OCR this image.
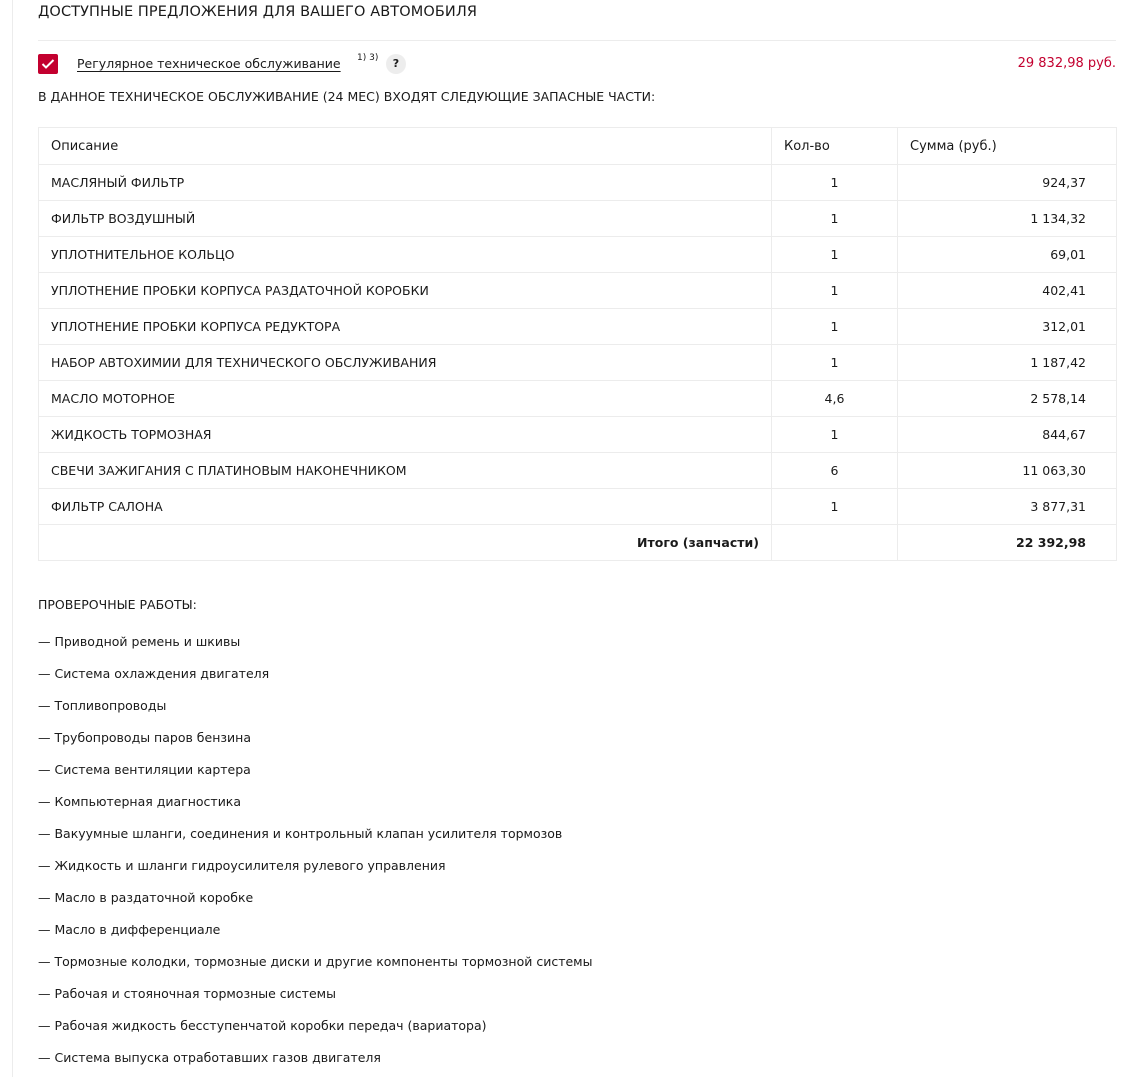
ДОСТУПНЫЕ ПРЕДЛОЖЕНИЯ ДЛЯ ВАШЕГО АВТОМОБИЛЯ
Регулярное техническое обслуживание 1) 3)	?	29 832,98 руб.
В ДАННОЕ ТЕХНИЧЕСКОЕ ОБСЛУЖИВАНИЕ (24 МЕС) ВХОДЯТ СЛЕДУЮЩИЕ ЗАПАСНЫЕ ЧАСТИ:
Описание	Кол-во	Сумма (руб.)
МАСЛЯНЫЙ ФИЛЬТР	1	924,37
ФИЛЬТР ВОЗДУШНЫЙ	1	1 134,32
УПЛОТНИТЕЛЬНОЕ КОЛЬЦО	1	69,01
УПЛОТНЕНИЕ ПРОБКИ КОРПУСА РАЗДАТОЧНОЙ КОРОБКИ	1	402,41
УПЛОТНЕНИЕ ПРОБКИ КОРПУСА РЕДУКТОРА	1	312,01
НАБОР АВТОХИМИИ ДЛЯ ТЕХНИЧЕСКОГО ОБСЛУЖИВАНИЯ	1	1 187,42
МАСЛО МОТОРНОЕ	4,6	2 578,14
ЖИДКОСТЬ ТОРМОЗНАЯ	1	844,67
СВЕЧИ ЗАЖИГАНИЯ С ПЛАТИНОВЫМ НАКОНЕЧНИКОМ	6	11 063,30
ФИЛЬТР САЛОНА	1	3 877,31
Итого (запчасти)		22 392,98
ПРОВЕРОЧНЫЕ РАБОТЫ:
— Приводной ремень и шкивы
— Система охлаждения двигателя
— Топливопроводы
— Трубопроводы паров бензина
— Система вентиляции картера
— Компьютерная диагностика
— Вакуумные шланги, соединения и контрольный клапан усилителя тормозов
— Жидкость и шланги гидроусилителя рулевого управления
— Масло в раздаточной коробке
— Масло в дифференциале
— Тормозные колодки, тормозные диски и другие компоненты тормозной системы
— Рабочая и стояночная тормозные системы
— Рабочая жидкость бесступенчатой коробки передач (вариатора)
— Система выпуска отработавших газов двигателя
